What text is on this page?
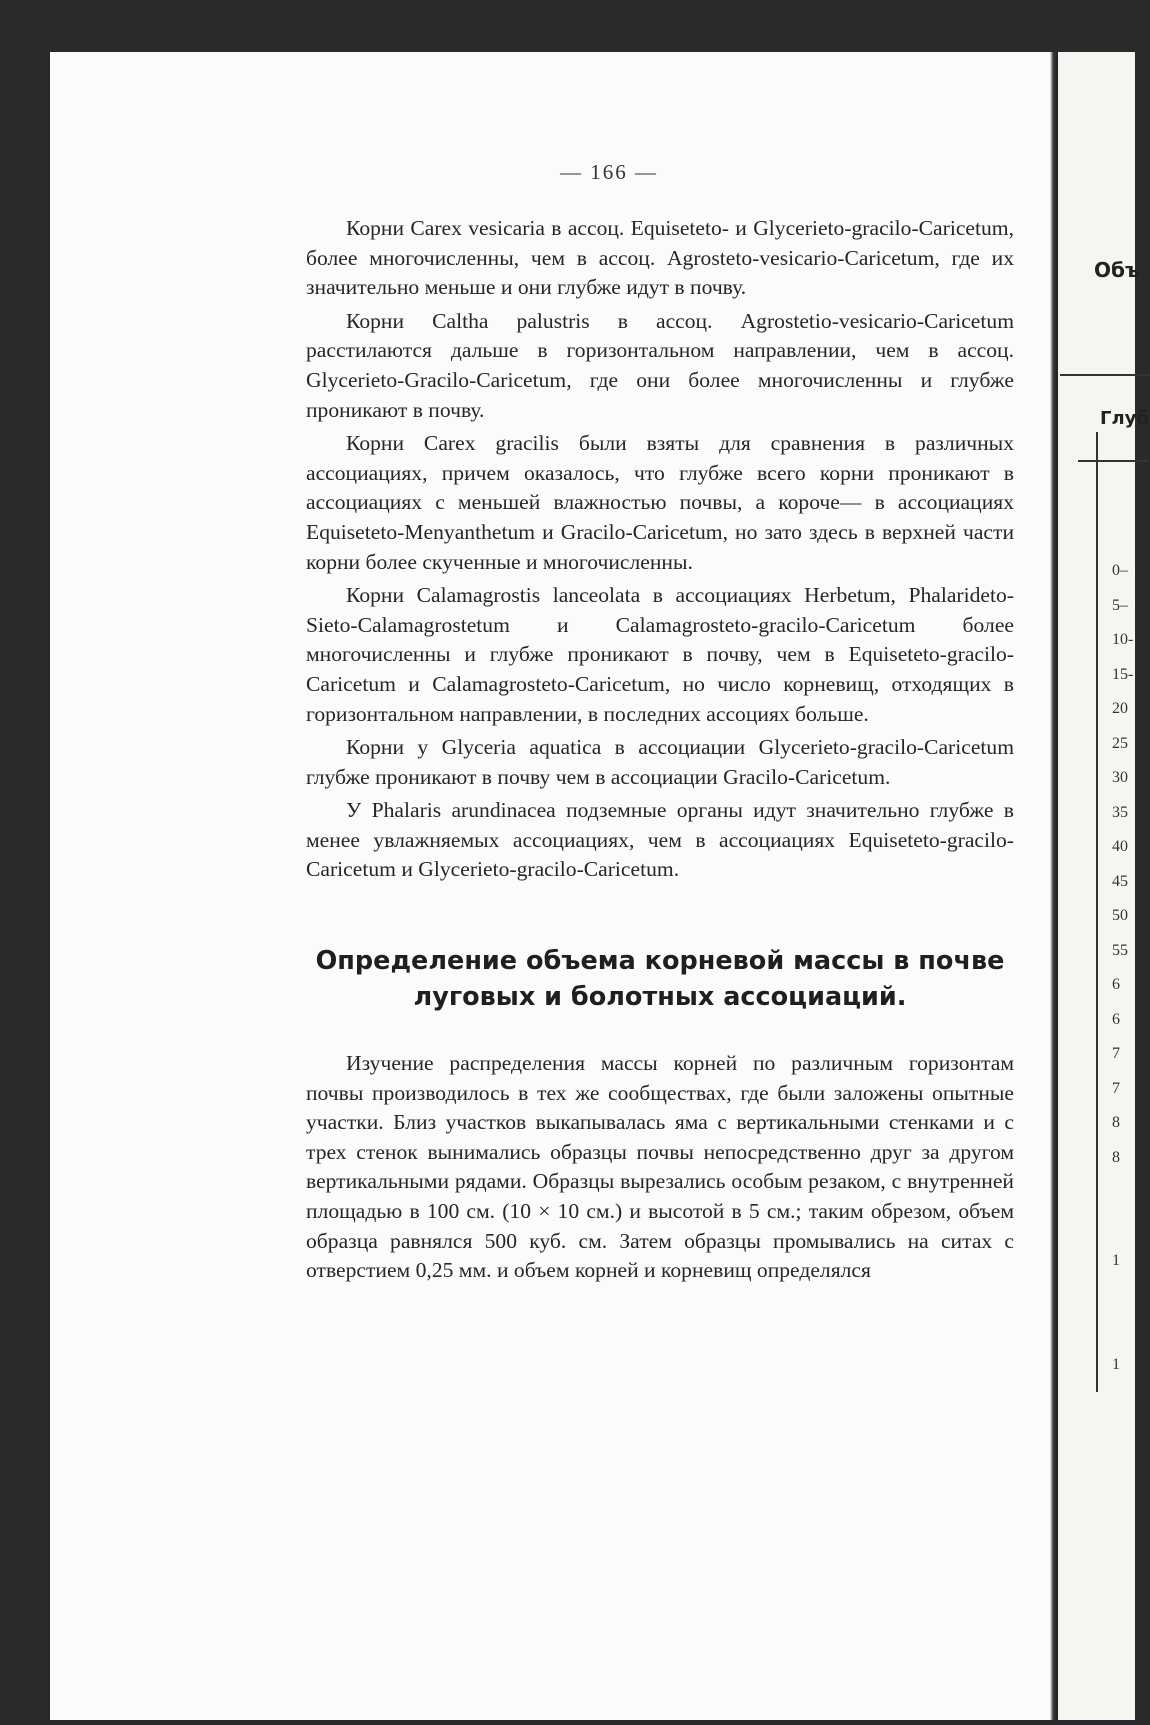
Объ
Глуб
0–
5–
10-
15-
20
25
30
35
40
45
50
55
6
6
7
7
8
8
1
1
— 166 —

Корни Carex vesicaria в ассоц. Equiseteto- и Glycerieto-gracilo-Caricetum, более многочисленны, чем в ассоц. Agrosteto-vesicario-Caricetum, где их значительно меньше и они глубже идут в почву.

Корни Caltha palustris в ассоц. Agrostetio-vesicario-Caricetum расстилаются дальше в горизонтальном направлении, чем в ассоц. Glycerieto-Gracilo-Caricetum, где они более многочисленны и глубже проникают в почву.

Корни Carex gracilis были взяты для сравнения в различных ассоциациях, причем оказалось, что глубже всего корни проникают в ассоциациях с меньшей влажностью почвы, а короче— в ассоциациях Equiseteto-Menyanthetum и Gracilo-Caricetum, но зато здесь в верхней части корни более скученные и многочисленны.

Корни Calamagrostis lanceolata в ассоциациях Herbetum, Phalarideto-Sieto-Calamagrostetum и Calamagrosteto-gracilo-Caricetum более многочисленны и глубже проникают в почву, чем в Equiseteto-gracilo-Caricetum и Calamagrosteto-Caricetum, но число корневищ, отходящих в горизонтальном направлении, в последних ассоциях больше.

Корни у Glyceria aquatica в ассоциации Glycerieto-gracilo-Caricetum глубже проникают в почву чем в ассоциации Gracilo-Caricetum.

У Phalaris arundinacea подземные органы идут значительно глубже в менее увлажняемых ассоциациях, чем в ассоциациях Equiseteto-gracilo-Caricetum и Glycerieto-gracilo-Caricetum.

Определение объема корневой массы в почве луговых и болотных ассоциаций.

Изучение распределения массы корней по различным горизонтам почвы производилось в тех же сообществах, где были заложены опытные участки. Близ участков выкапывалась яма с вертикальными стенками и с трех стенок вынимались образцы почвы непосредственно друг за другом вертикальными рядами. Образцы вырезались особым резаком, с внутренней площадью в 100 см. (10 × 10 см.) и высотой в 5 см.; таким обрезом, объем образца равнялся 500 куб. см. Затем образцы промывались на ситах с отверстием 0,25 мм. и объем корней и корневищ определялся
